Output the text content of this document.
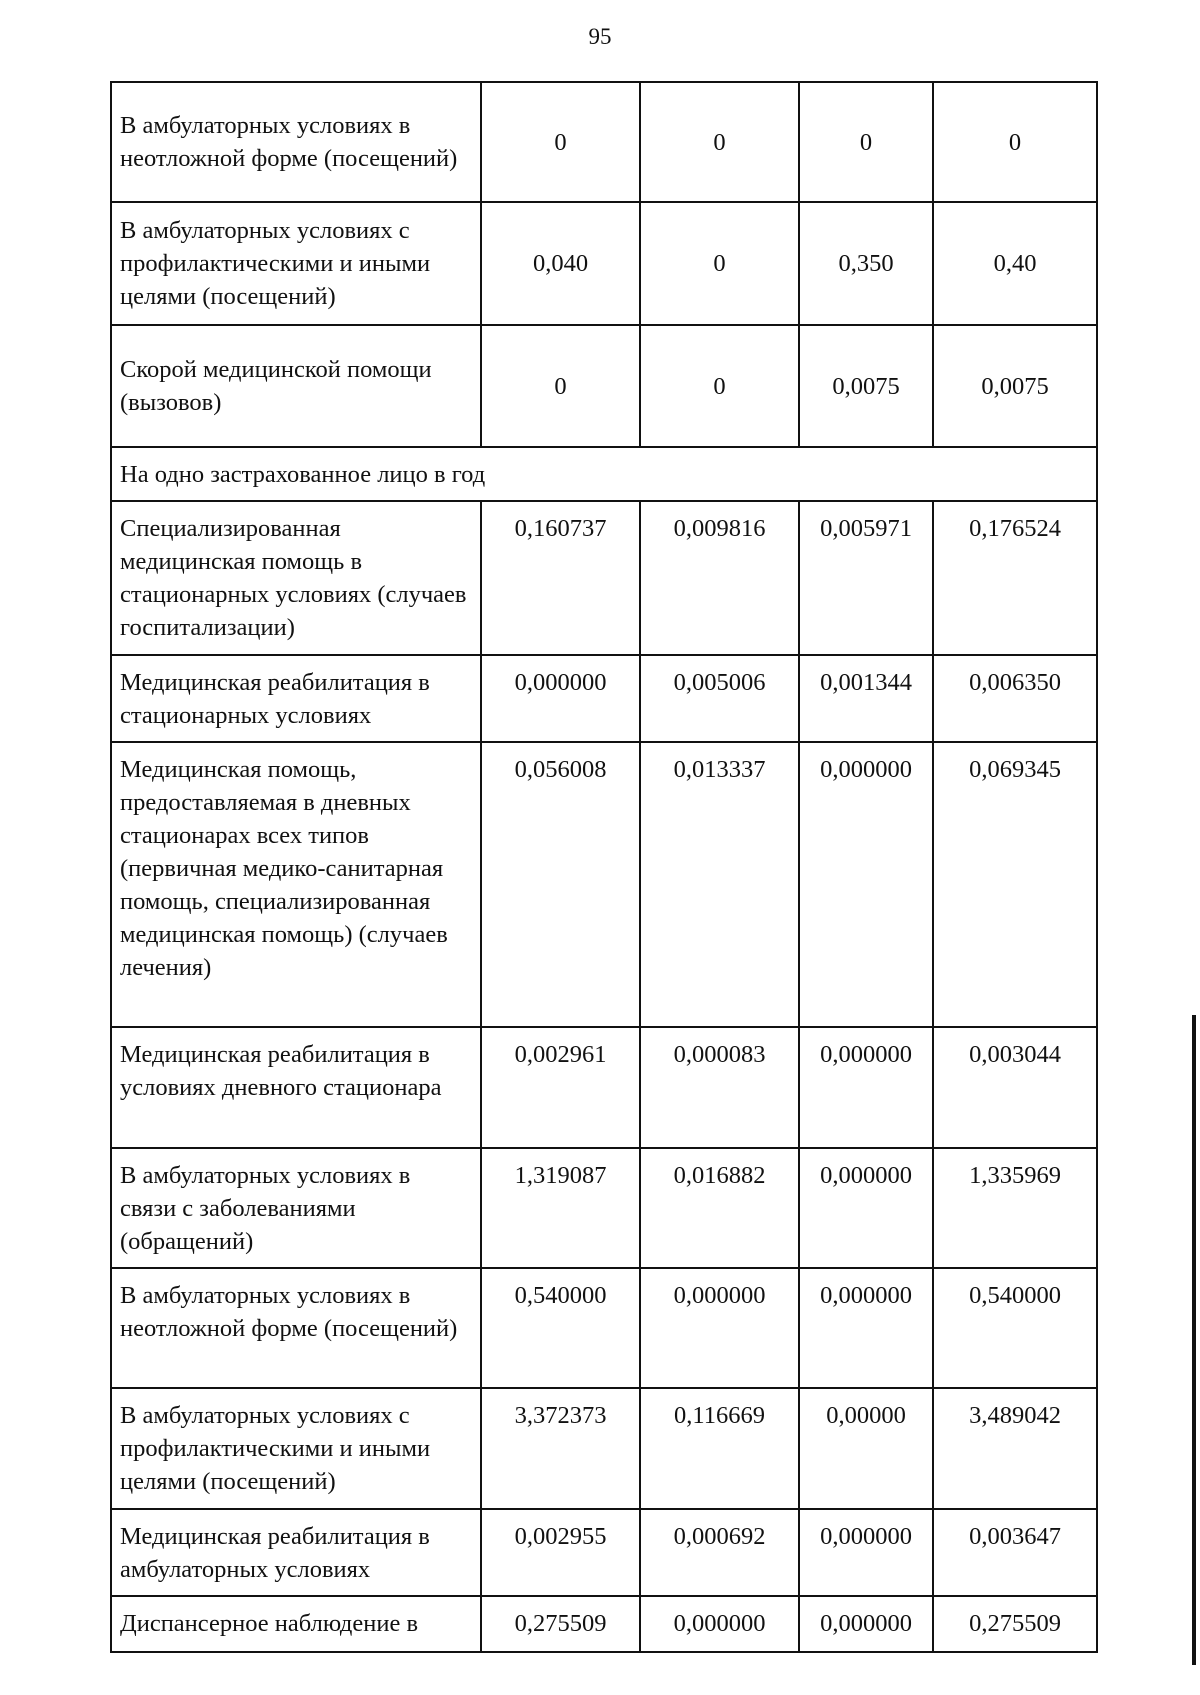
95
В амбулаторных условиях в неотложной форме (посещений)	0	0	0	0
В амбулаторных условиях с профилактическими и иными целями (посещений)	0,040	0	0,350	0,40
Скорой медицинской помощи (вызовов)	0	0	0,0075	0,0075
На одно застрахованное лицо в год				
Специализированная медицинская помощь в стационарных условиях (случаев госпитализации)	0,160737	0,009816	0,005971	0,176524
Медицинская реабилитация в стационарных условиях	0,000000	0,005006	0,001344	0,006350
Медицинская помощь, предоставляемая в дневных стационарах всех типов (первичная медико-санитарная помощь, специализированная медицинская помощь) (случаев лечения)	0,056008	0,013337	0,000000	0,069345
Медицинская реабилитация в условиях дневного стационара	0,002961	0,000083	0,000000	0,003044
В амбулаторных условиях в связи с заболеваниями (обращений)	1,319087	0,016882	0,000000	1,335969
В амбулаторных условиях в неотложной форме (посещений)	0,540000	0,000000	0,000000	0,540000
В амбулаторных условиях с профилактическими и иными целями (посещений)	3,372373	0,116669	0,00000	3,489042
Медицинская реабилитация в амбулаторных условиях	0,002955	0,000692	0,000000	0,003647
Диспансерное наблюдение в	0,275509	0,000000	0,000000	0,275509
